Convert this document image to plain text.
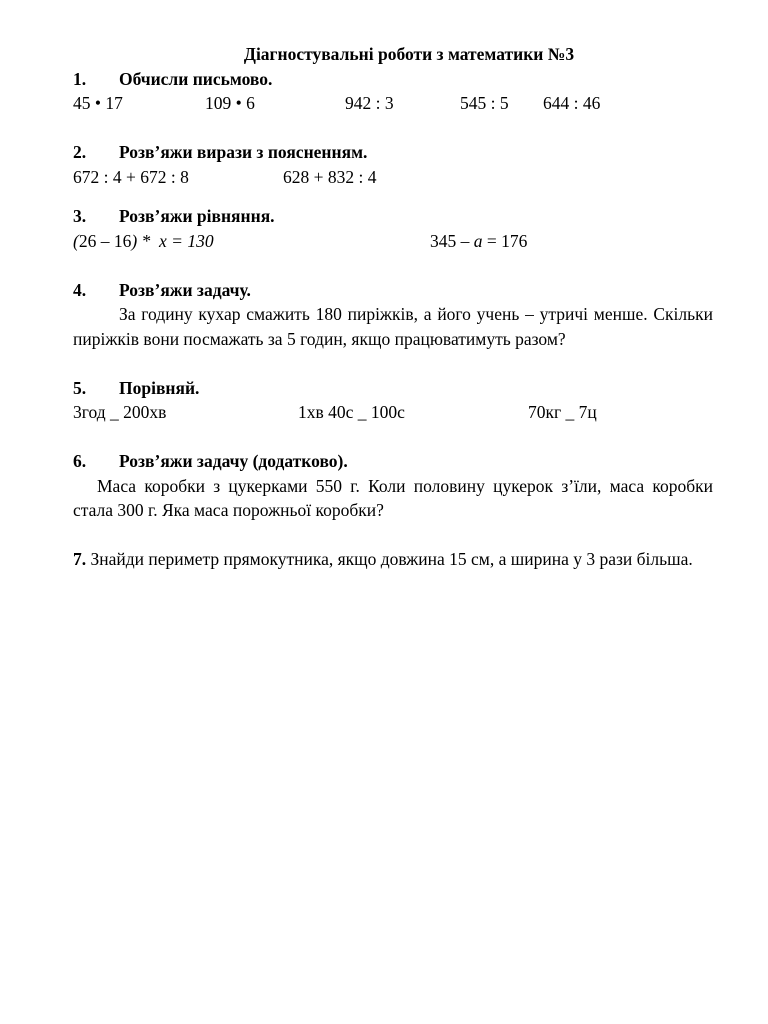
Діагностувальні роботи з математики №3
1.	Обчисли письмово.
45 • 17	109 • 6	942 : 3	545 : 5 644 : 46
2.	Розв’яжи вирази з поясненням.
672 : 4 + 672 : 8	628 + 832 : 4
3.	Розв’яжи рівняння.
(26 – 16) *  х = 130	345 – а = 176
4.	Розв’яжи задачу.
За годину кухар смажить 180 пиріжків, а його учень – утричі менше. Скільки пиріжків вони посмажать за 5 годин, якщо працюватимуть разом?
5.	Порівняй.
3год _ 200хв	1хв 40с _ 100с	70кг _ 7ц
6.	Розв’яжи задачу (додатково).
Маса коробки з цукерками 550 г. Коли половину цукерок з’їли, маса коробки стала 300 г. Яка маса порожньої коробки?
7. Знайди периметр прямокутника, якщо довжина 15 см, а ширина у 3 рази більша.
